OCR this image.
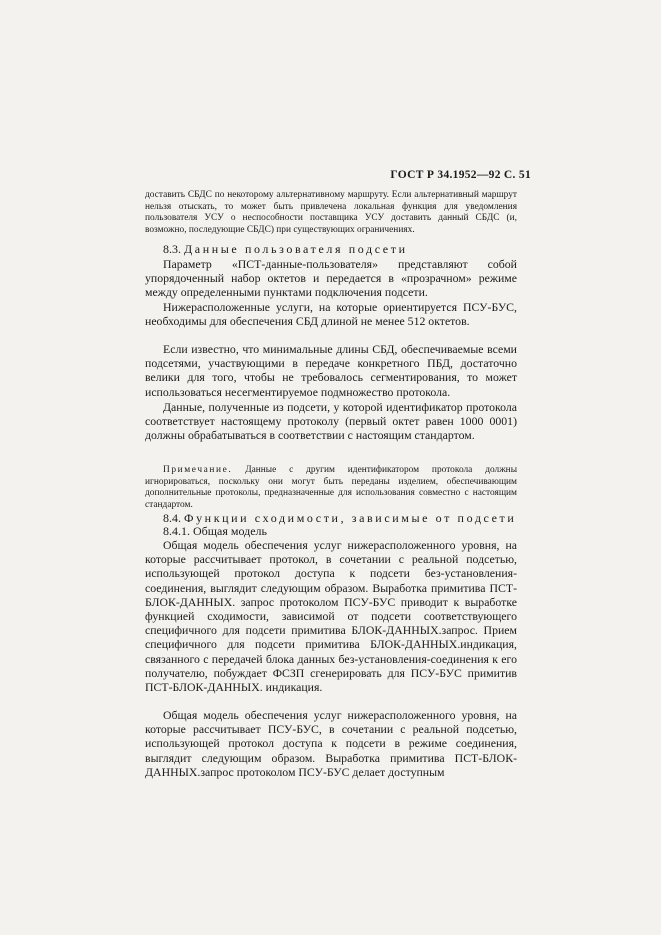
ГОСТ Р 34.1952—92 С. 51
доставить СБДС по некоторому альтернативному маршруту. Если альтернативный маршрут нельзя отыскать, то может быть привлечена локальная функция для уведомления пользователя УСУ о неспособности поставщика УСУ доставить данный СБДС (и, возможно, последующие СБДС) при существующих ограничениях.
8.3. Данные пользователя подсети
Параметр «ПСТ-данные-пользователя» представляют собой упорядоченный набор октетов и передается в «прозрачном» режиме между определенными пунктами подключения подсети.
Нижерасположенные услуги, на которые ориентируется ПСУ-БУС, необходимы для обеспечения СБД длиной не менее 512 октетов.
Если известно, что минимальные длины СБД, обеспечиваемые всеми подсетями, участвующими в передаче конкретного ПБД, достаточно велики для того, чтобы не требовалось сегментирования, то может использоваться несегментируемое подмножество протокола.
Данные, полученные из подсети, у которой идентификатор протокола соответствует настоящему протоколу (первый октет равен 1000 0001) должны обрабатываться в соответствии с настоящим стандартом.
Примечание. Данные с другим идентификатором протокола должны игнорироваться, поскольку они могут быть переданы изделием, обеспечивающим дополнительные протоколы, предназначенные для использования совместно с настоящим стандартом.
8.4. Функции сходимости, зависимые от подсети
8.4.1. Общая модель
Общая модель обеспечения услуг нижерасположенного уровня, на которые рассчитывает протокол, в сочетании с реальной подсетью, использующей протокол доступа к подсети без-установления-соединения, выглядит следующим образом. Выработка примитива ПСТ-БЛОК-ДАННЫХ. запрос протоколом ПСУ-БУС приводит к выработке функцией сходимости, зависимой от подсети соответствующего специфичного для подсети примитива БЛОК-ДАННЫХ.запрос. Прием специфичного для подсети примитива БЛОК-ДАННЫХ.индикация, связанного с передачей блока данных без-установления-соединения к его получателю, побуждает ФСЗП сгенерировать для ПСУ-БУС примитив ПСТ-БЛОК-ДАННЫХ. индикация.
Общая модель обеспечения услуг нижерасположенного уровня, на которые рассчитывает ПСУ-БУС, в сочетании с реальной подсетью, использующей протокол доступа к подсети в режиме соединения, выглядит следующим образом. Выработка примитива ПСТ-БЛОК-ДАННЫХ.запрос протоколом ПСУ-БУС делает доступным
